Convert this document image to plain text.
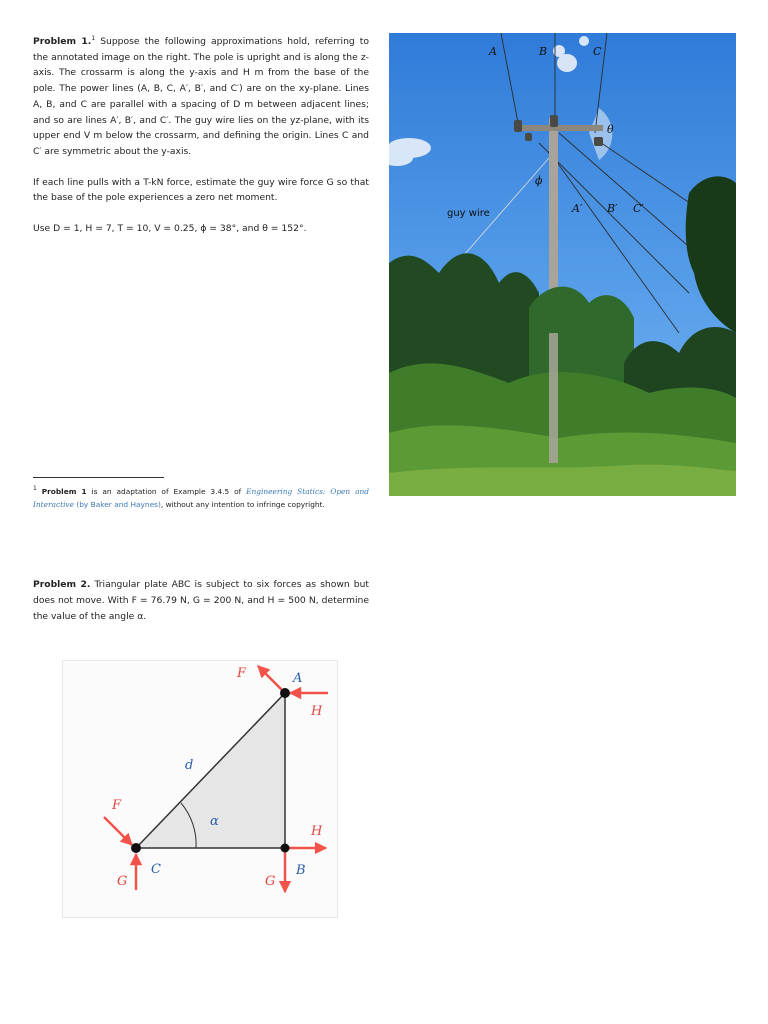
Problem 1.$^1$ Suppose the following approximations hold, referring to the annotated image on the right. The pole is upright and is along the z-axis. The crossarm is along the y-axis and H m from the base of the pole. The power lines (A, B, C, A′, B′, and C′) are on the xy-plane. Lines A, B, and C are parallel with a spacing of D m between adjacent lines; and so are lines A′, B′, and C′. The guy wire lies on the yz-plane, with its upper end V m below the crossarm, and defining the origin. Lines C and C′ are symmetric about the y-axis.

If each line pulls with a T-kN force, estimate the guy wire force G so that the base of the pole experiences a zero net moment.

Use D = 1, H = 7, T = 10, V = 0.25, ϕ = 38°, and θ = 152°.

A	B	C
θ
ϕ
A′ B′ C′
guy wire
$^1$ Problem 1 is an adaptation of Example 3.4.5 of Engineering Statics: Open and Interactive (by Baker and Haynes), without any intention to infringe copyright.
Problem 2. Triangular plate ABC is subject to six forces as shown but does not move. With F = 76.79 N, G = 200 N, and H = 500 N, determine the value of the angle α.
F	A
H
d
α
F
H
C
G	G
B
